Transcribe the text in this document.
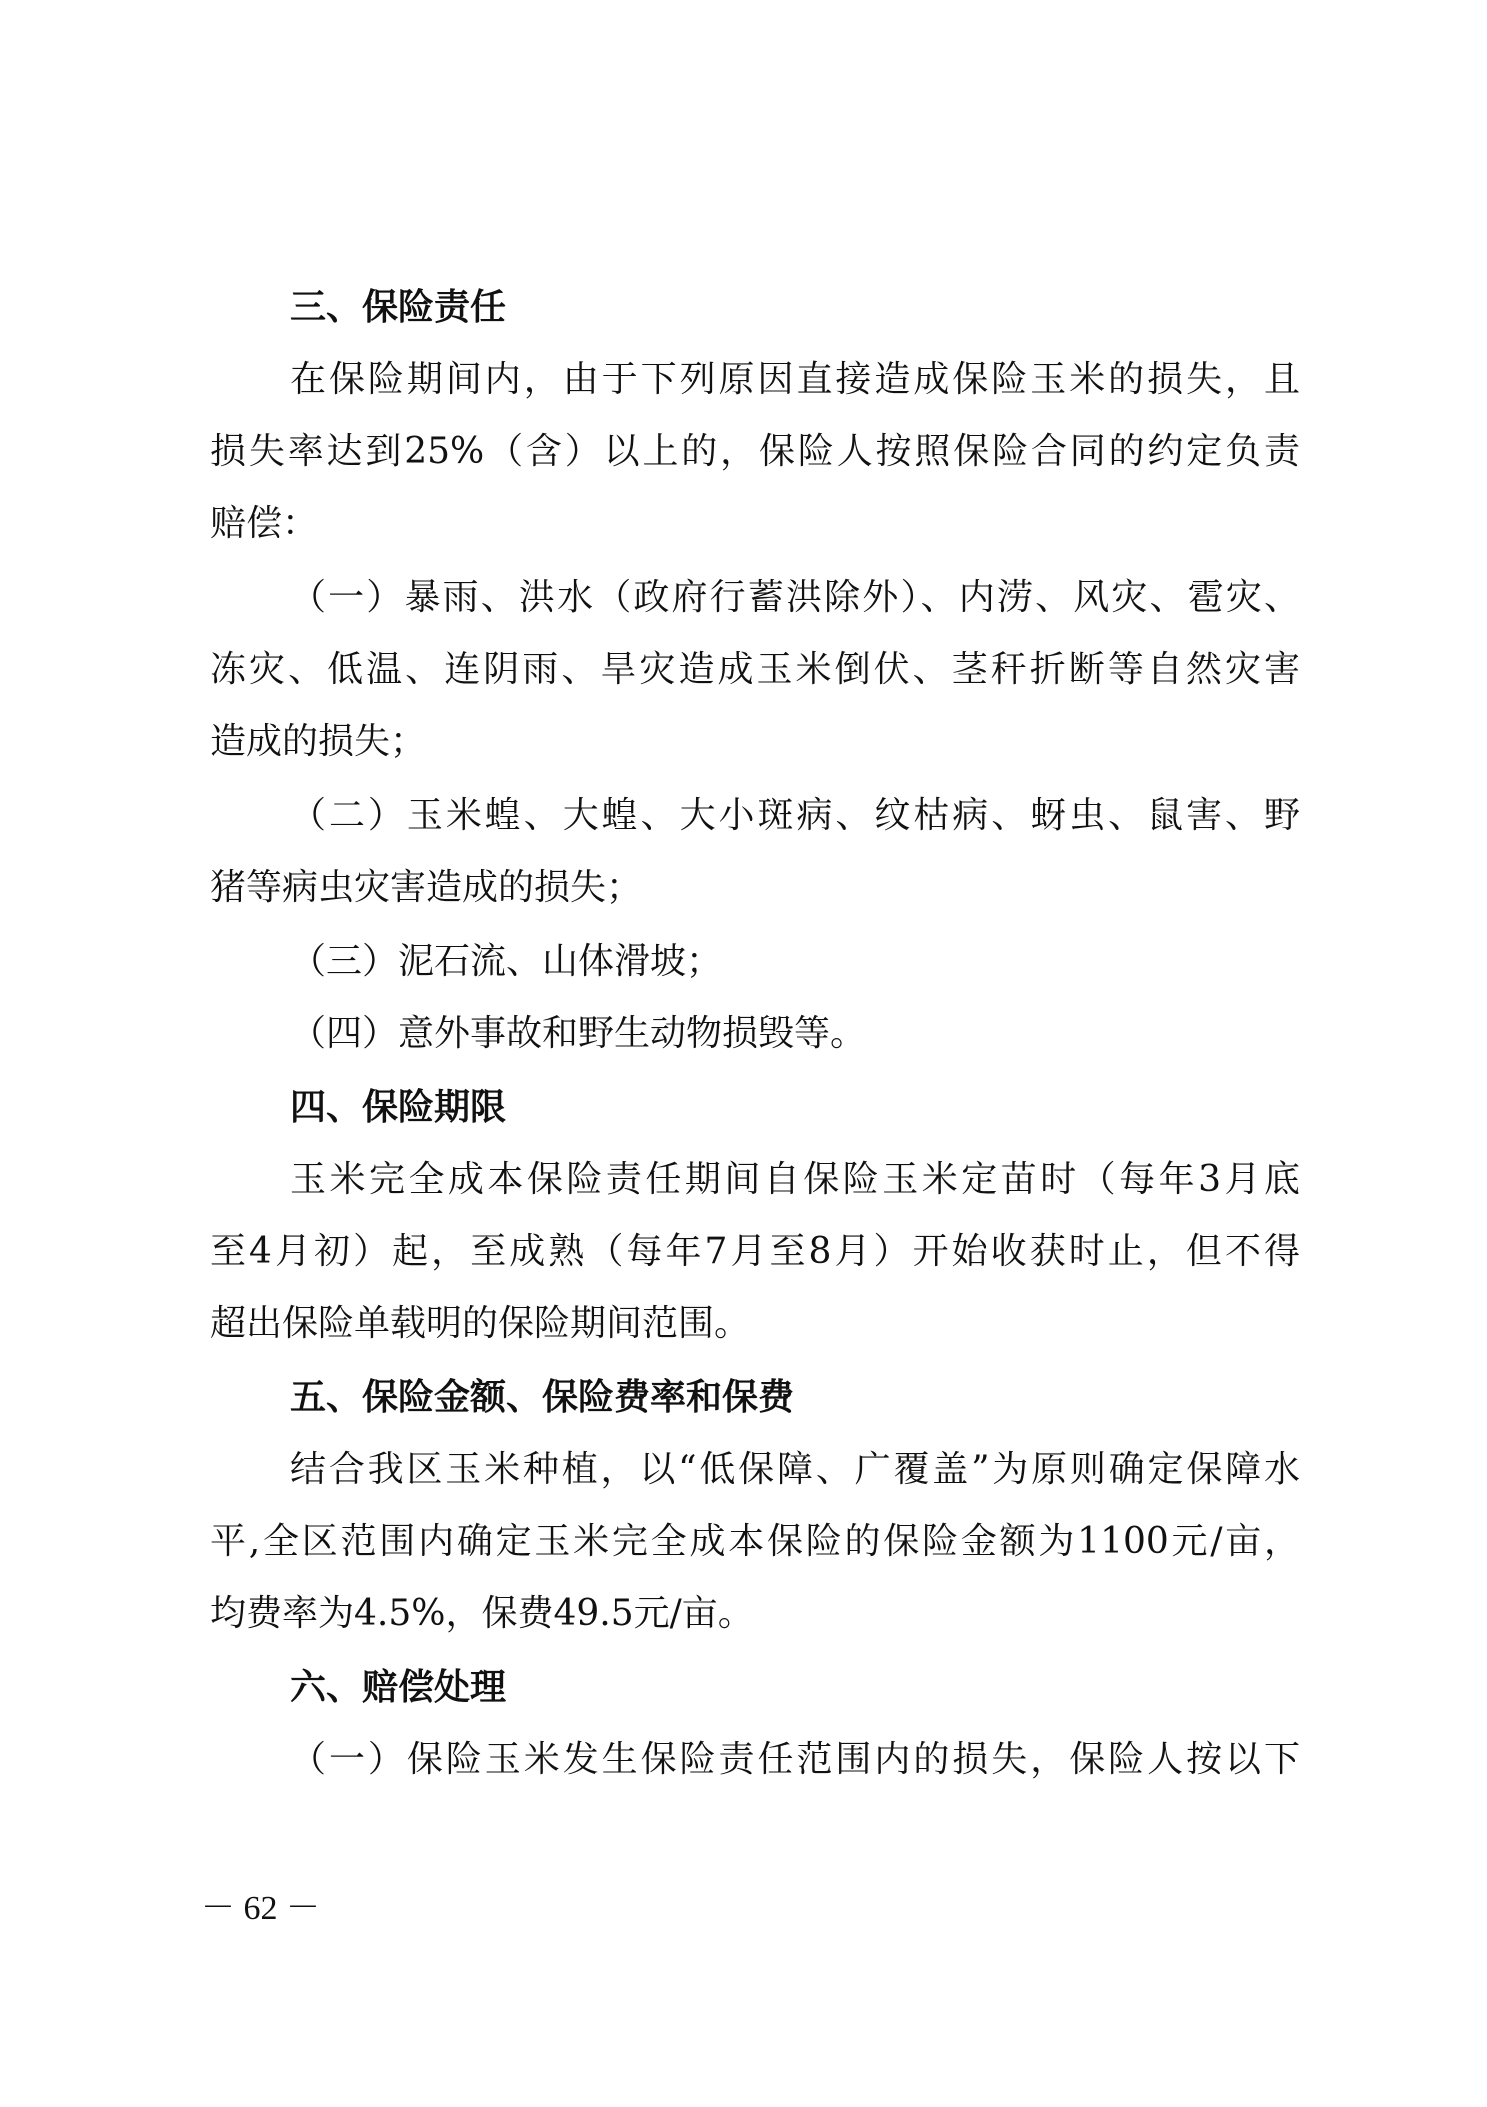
三、保险责任
在保险期间内，由于下列原因直接造成保险玉米的损失，且
损失率达到25%（含）以上的，保险人按照保险合同的约定负责
赔偿：
（一）暴雨、洪水（政府行蓄洪除外）、内涝、风灾、雹灾、
冻灾、低温、连阴雨、旱灾造成玉米倒伏、茎秆折断等自然灾害
造成的损失；
（二）玉米蝗、大蝗、大小斑病、纹枯病、蚜虫、鼠害、野
猪等病虫灾害造成的损失；
（三）泥石流、山体滑坡；
（四）意外事故和野生动物损毁等。
四、保险期限
玉米完全成本保险责任期间自保险玉米定苗时（每年3月底
至4月初）起，至成熟（每年7月至8月）开始收获时止，但不得
超出保险单载明的保险期间范围。
五、保险金额、保险费率和保费
结合我区玉米种植，以“低保障、广覆盖”为原则确定保障水
平,全区范围内确定玉米完全成本保险的保险金额为1100元/亩，
均费率为4.5%，保费49.5元/亩。
六、赔偿处理
（一）保险玉米发生保险责任范围内的损失，保险人按以下
－ 62 －
